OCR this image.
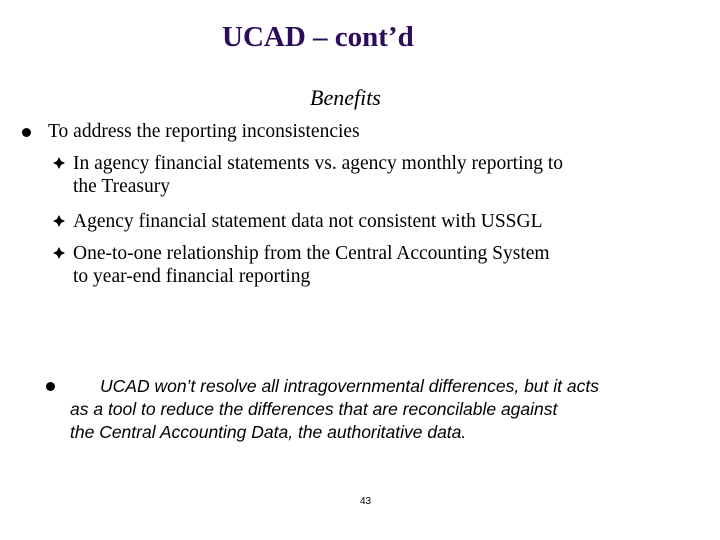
UCAD – cont’d
Benefits
To address the reporting inconsistencies
In agency financial statements vs. agency monthly reporting to
the Treasury
Agency financial statement data not consistent with USSGL
One-to-one relationship from the Central Accounting System
to year-end financial reporting
UCAD won’t resolve all intragovernmental differences, but it acts
as a tool to reduce the differences that are reconcilable against
the Central Accounting Data, the authoritative data.
43
